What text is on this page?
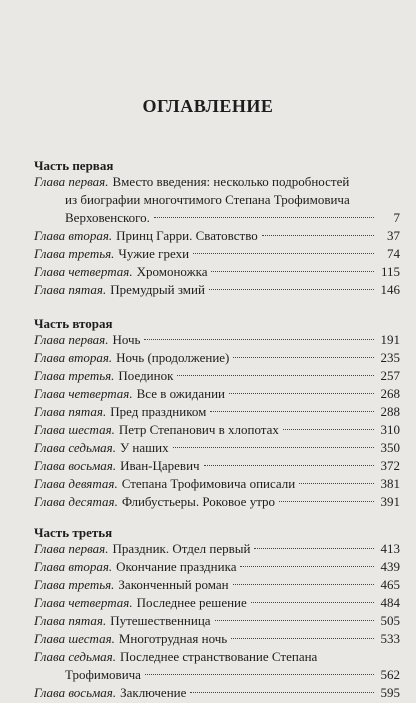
ОГЛАВЛЕНИЕ
Часть первая
Глава первая. Вместо введения: несколько подробностей
из биографии многочтимого Степана Трофимовича
Верховенского.	7
Глава вторая. Принц Гарри. Сватовство	37
Глава третья. Чужие грехи	74
Глава четвертая. Хромоножка	115
Глава пятая. Премудрый змий	146
Часть вторая
Глава первая. Ночь	191
Глава вторая. Ночь (продолжение)	235
Глава третья. Поединок	257
Глава четвертая. Все в ожидании	268
Глава пятая. Пред праздником	288
Глава шестая. Петр Степанович в хлопотах	310
Глава седьмая. У наших	350
Глава восьмая. Иван-Царевич	372
Глава девятая. Степана Трофимовича описали	381
Глава десятая. Флибустьеры. Роковое утро	391
Часть третья
Глава первая. Праздник. Отдел первый	413
Глава вторая. Окончание праздника	439
Глава третья. Законченный роман	465
Глава четвертая. Последнее решение	484
Глава пятая. Путешественница	505
Глава шестая. Многотрудная ночь	533
Глава седьмая. Последнее странствование Степана
Трофимовича	562
Глава восьмая. Заключение	595
